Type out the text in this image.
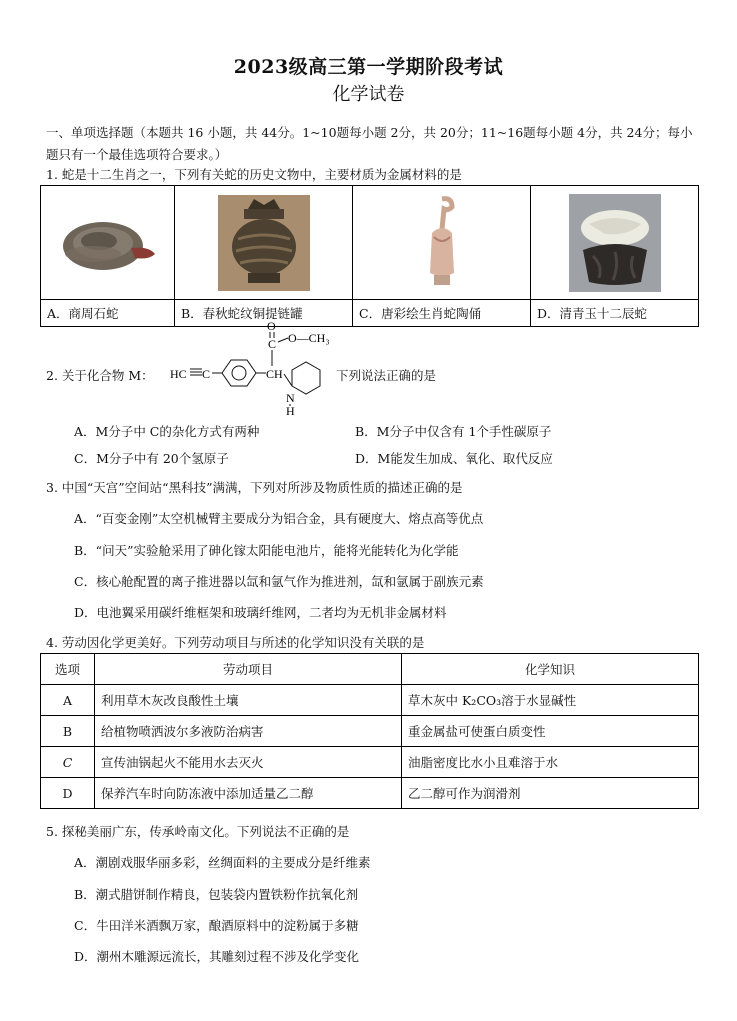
2023级高三第一学期阶段考试
化学试卷
一、单项选择题（本题共 16 小题，共 44分。1~10题每小题 2分，共 20分；11~16题每小题 4分，共 24分；每小题只有一个最佳选项符合要求。）
1. 蛇是十二生肖之一，下列有关蛇的历史文物中，主要材质为金属材料的是

A．商周石蛇	B．春秋蛇纹铜提链罐	C．唐彩绘生肖蛇陶俑	D．清青玉十二辰蛇
2. 关于化合物 M： HC C	CH
C
O
O—CH₃
N
H
下列说法正确的是
A．M分子中 C的杂化方式有两种	B．M分子中仅含有 1个手性碳原子
C．M分子中有 20个氢原子	D．M能发生加成、氧化、取代反应
3. 中国“天宫”空间站“黑科技”满满，下列对所涉及物质性质的描述正确的是
A．“百变金刚”太空机械臂主要成分为铝合金，具有硬度大、熔点高等优点
B．“问天”实验舱采用了砷化镓太阳能电池片，能将光能转化为化学能
C．核心舱配置的离子推进器以氙和氩气作为推进剂，氙和氩属于副族元素
D．电池翼采用碳纤维框架和玻璃纤维网，二者均为无机非金属材料
4. 劳动因化学更美好。下列劳动项目与所述的化学知识没有关联的是
选项	劳动项目	化学知识
A	利用草木灰改良酸性土壤	草木灰中 K₂CO₃溶于水显碱性
B	给植物喷洒波尔多液防治病害	重金属盐可使蛋白质变性
C	宣传油锅起火不能用水去灭火	油脂密度比水小且难溶于水
D	保养汽车时向防冻液中添加适量乙二醇	乙二醇可作为润滑剂
5. 探秘美丽广东，传承岭南文化。下列说法不正确的是
A．潮剧戏服华丽多彩，丝绸面料的主要成分是纤维素
B．潮式腊饼制作精良，包装袋内置铁粉作抗氧化剂
C．牛田洋米酒飘万家，酿酒原料中的淀粉属于多糖
D．潮州木雕源远流长，其雕刻过程不涉及化学变化
